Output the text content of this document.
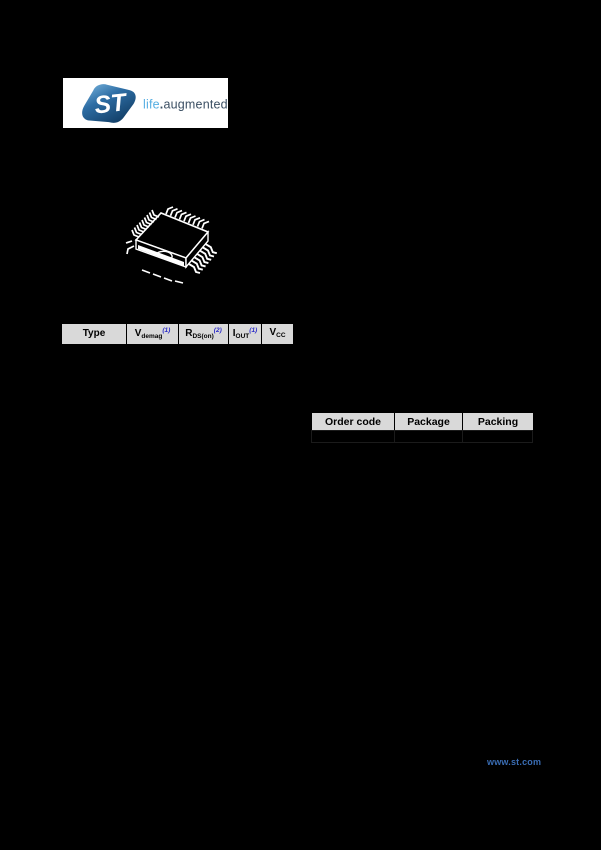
ST life.augmented
Type	$V_{demag}^{(1)}$	$R_{DS(on)}^{(2)}$	$I_{OUT}^{(1)}$	$V_{CC}$
Order code	Package	Packing
www.st.com
